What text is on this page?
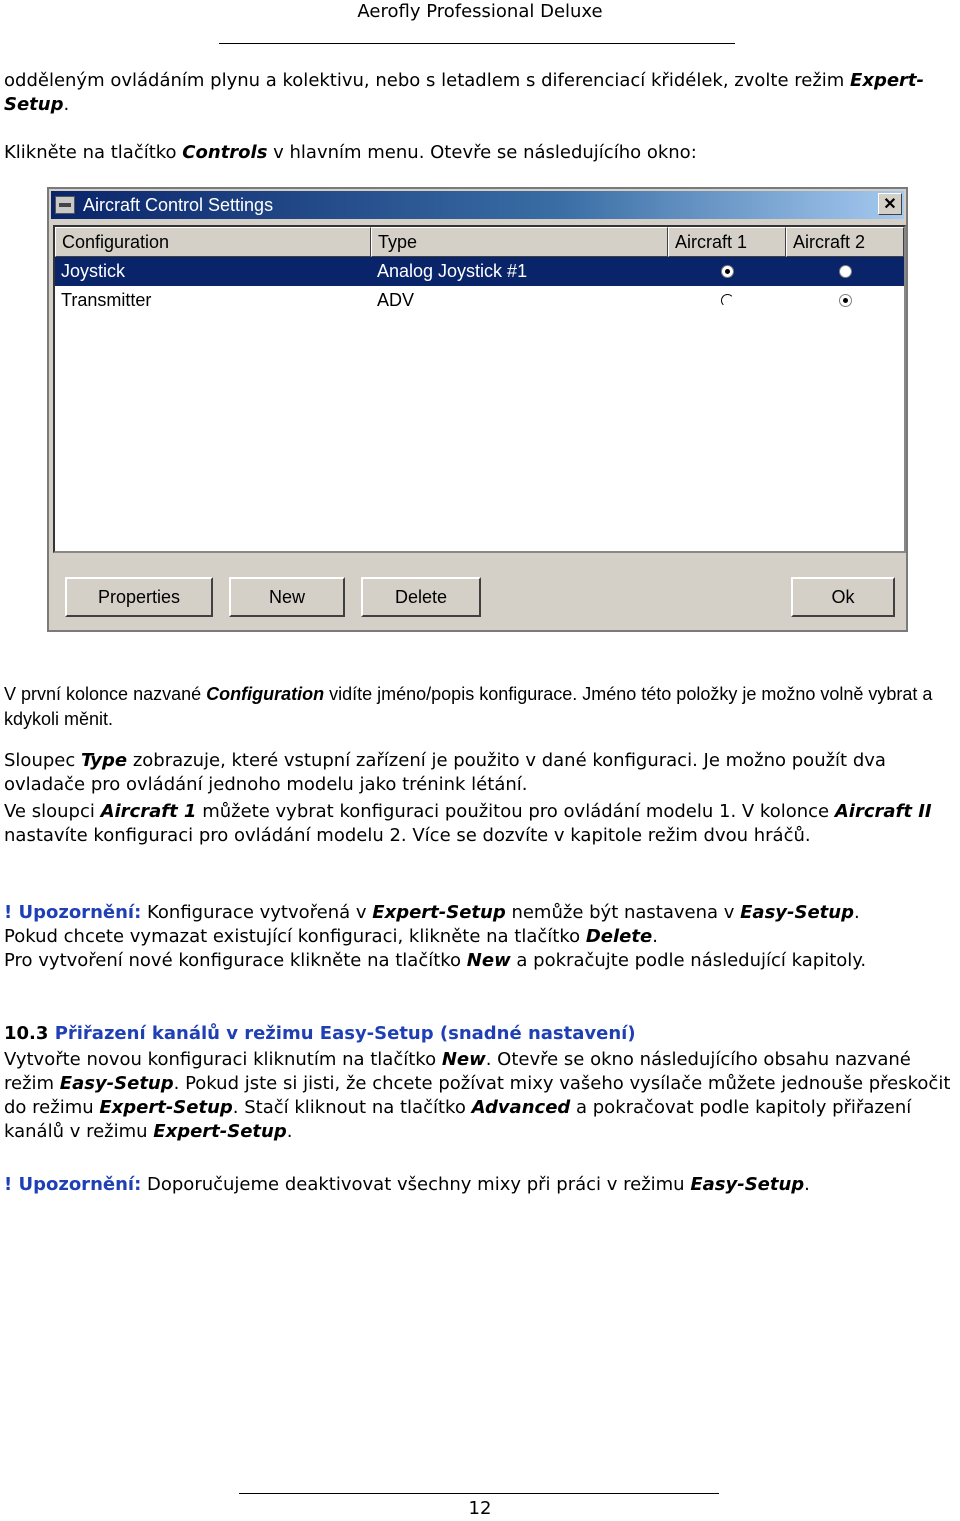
Aerofly Professional Deluxe

odděleným ovládáním plynu a kolektivu, nebo s letadlem s diferenciací křidélek, zvolte režim Expert-Setup.

Klikněte na tlačítko Controls v hlavním menu. Otevře se následujícího okno:

Aircraft Control Settings	✕
Configuration	Type	Aircraft 1	Aircraft 2
Joystick	Analog Joystick #1
Transmitter	ADV
Properties	New	Delete	Ok

V první kolonce nazvané Configuration vidíte jméno/popis konfigurace. Jméno této položky je možno volně vybrat a kdykoli měnit.

Sloupec Type zobrazuje, které vstupní zařízení je použito v dané konfiguraci. Je možno použít dva ovladače pro ovládání jednoho modelu jako trénink létání.

Ve sloupci Aircraft 1 můžete vybrat konfiguraci použitou pro ovládání modelu 1. V kolonce Aircraft II nastavíte konfiguraci pro ovládání modelu 2. Více se dozvíte v kapitole režim dvou hráčů.

! Upozornění: Konfigurace vytvořená v Expert-Setup nemůže být nastavena v Easy-Setup.

Pokud chcete vymazat existující konfiguraci, klikněte na tlačítko Delete.

Pro vytvoření nové konfigurace klikněte na tlačítko New a pokračujte podle následující kapitoly.

10.3 Přiřazení kanálů v režimu Easy-Setup (snadné nastavení)

Vytvořte novou konfiguraci kliknutím na tlačítko New. Otevře se okno následujícího obsahu nazvané režim Easy-Setup. Pokud jste si jisti, že chcete požívat mixy vašeho vysílače můžete jednouše přeskočit do režimu Expert-Setup. Stačí kliknout na tlačítko Advanced a pokračovat podle kapitoly přiřazení kanálů v režimu Expert-Setup.

! Upozornění: Doporučujeme deaktivovat všechny mixy při práci v režimu Easy-Setup.

12
